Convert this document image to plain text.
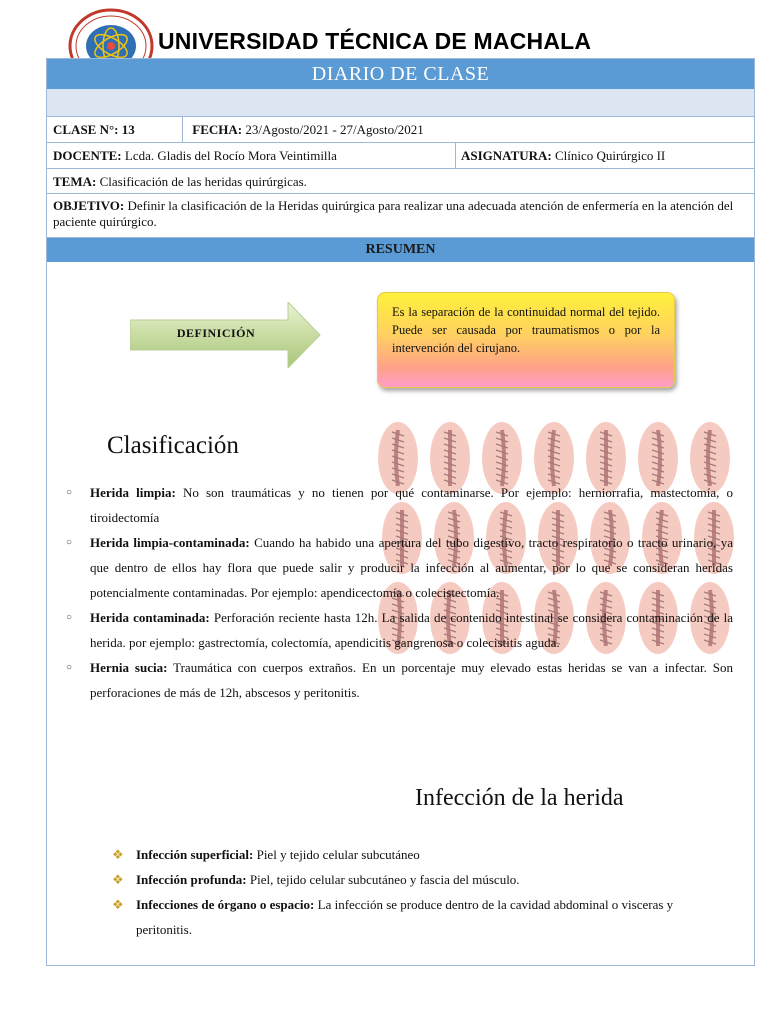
UNIVERSIDAD TÉCNICA DE MACHALA
DIARIO DE CLASE
CLASE N°: 13	FECHA: 23/Agosto/2021 - 27/Agosto/2021
DOCENTE: Lcda. Gladis del Rocío Mora Veintimilla	ASIGNATURA: Clínico Quirúrgico II
TEMA: Clasificación de las heridas quirúrgicas.
OBJETIVO: Definir la clasificación de la Heridas quirúrgica para realizar una adecuada atención de enfermería en la atención del paciente quirúrgico.
RESUMEN
DEFINICIÓN
Es la separación de la continuidad normal del tejido. Puede ser causada por traumatismos o por la intervención del cirujano.
Clasificación
○ Herida limpia: No son traumáticas y no tienen por qué contaminarse. Por ejemplo: herniorrafia, mastectomía, o tiroidectomía
○ Herida limpia-contaminada: Cuando ha habido una apertura del tubo digestivo, tracto respiratorio o tracto urinario, ya que dentro de ellos hay flora que puede salir y producir la infección al aumentar, por lo que se consideran heridas potencialmente contaminadas. Por ejemplo: apendicectomía o colecistectomía.
○ Herida contaminada: Perforación reciente hasta 12h. La salida de contenido intestinal se considera contaminación de la herida. por ejemplo: gastrectomía, colectomía, apendicitis gangrenosa o colecistitis aguda.
○ Hernia sucia: Traumática con cuerpos extraños. En un porcentaje muy elevado estas heridas se van a infectar. Son perforaciones de más de 12h, abscesos y peritonitis.
Infección de la herida
❖ Infección superficial: Piel y tejido celular subcutáneo
❖ Infección profunda: Piel, tejido celular subcutáneo y fascia del músculo.
❖ Infecciones de órgano o espacio: La infección se produce dentro de la cavidad abdominal o visceras y peritonitis.
